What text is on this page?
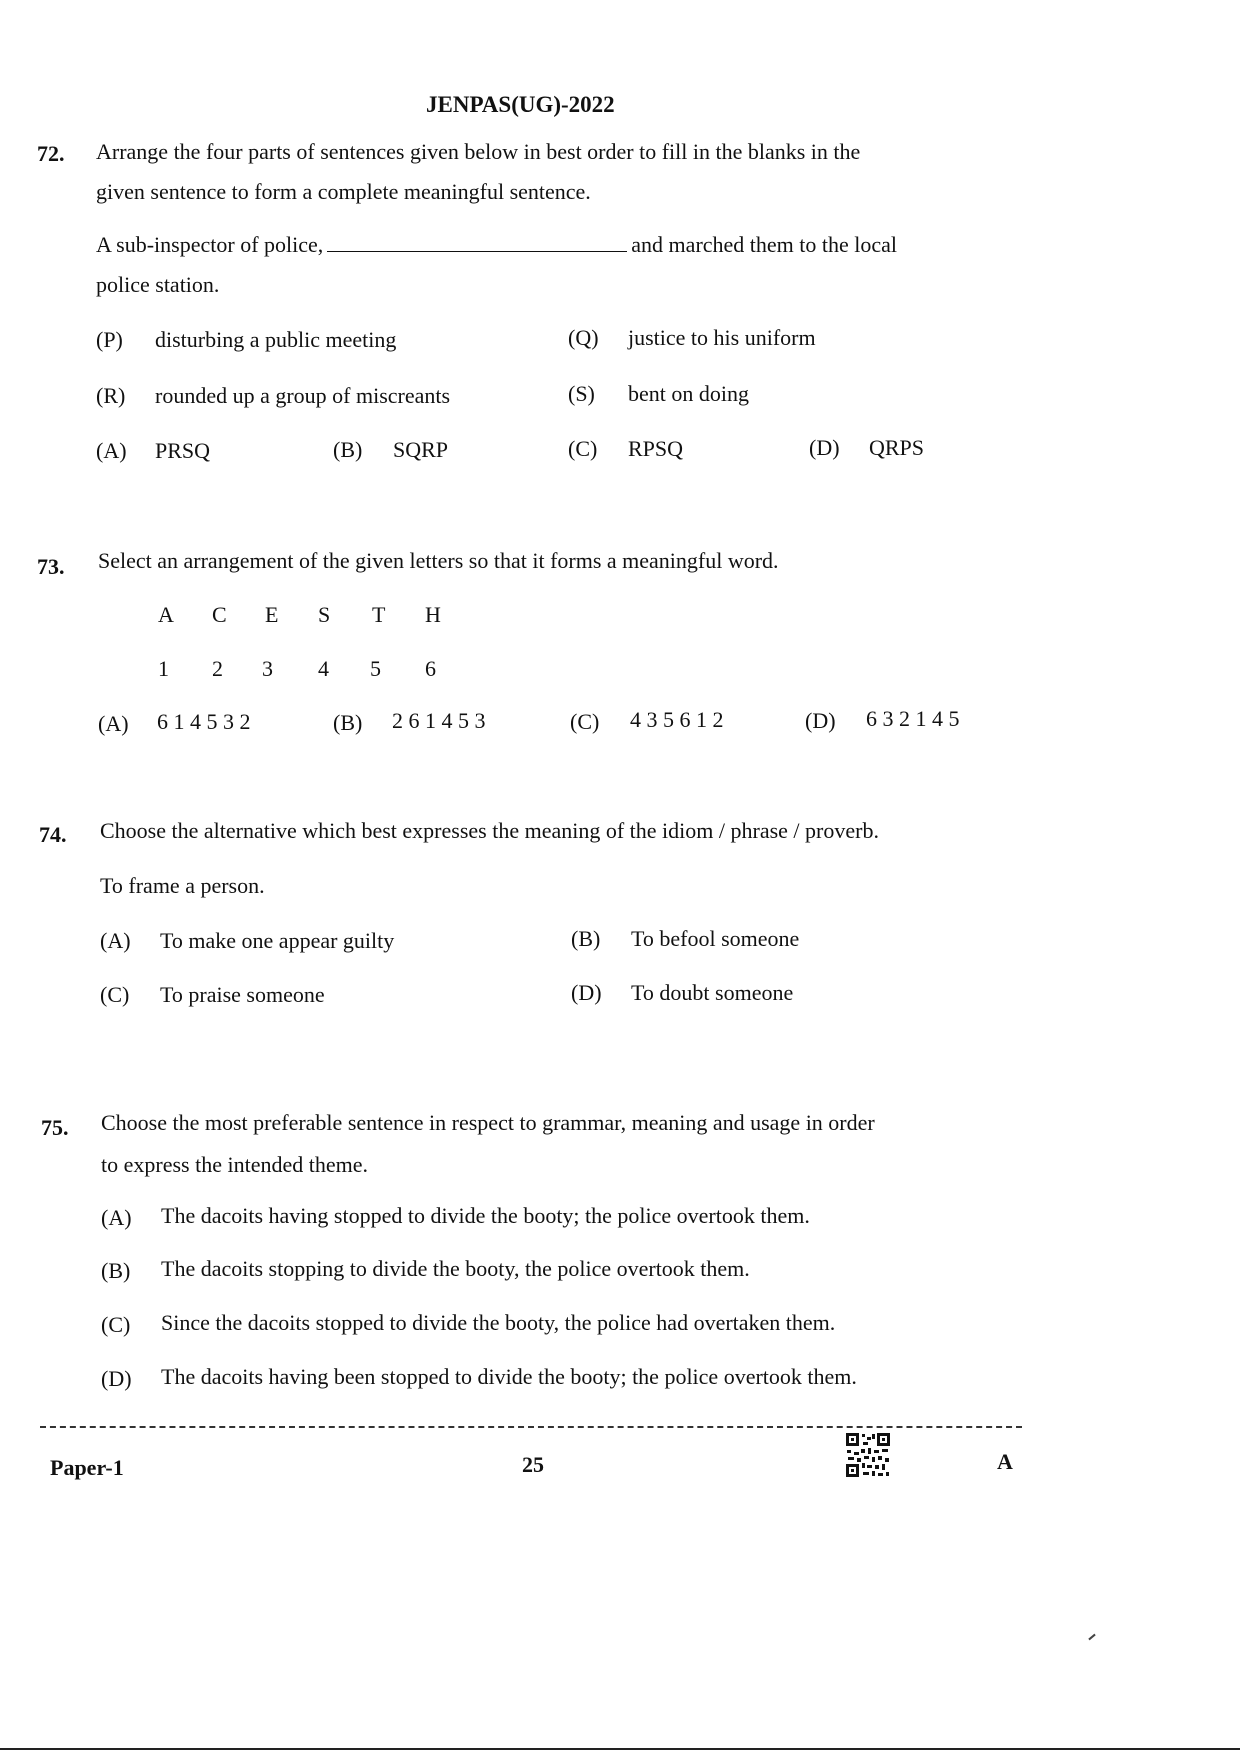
JENPAS(UG)-2022
72. Arrange the four parts of sentences given below in best order to fill in the blanks in the
given sentence to form a complete meaningful sentence.
A sub-inspector of police,	and marched them to the local
police station.
(P) disturbing a public meeting	(Q) justice to his uniform
(R) rounded up a group of miscreants	(S) bent on doing
(A) PRSQ	(B) SQRP	(C) RPSQ	(D) QRPS
73. Select an arrangement of the given letters so that it forms a meaningful word.
A C E S T H
1 2 3 4 5 6
(A) 6 1 4 5 3 2	(B) 2 6 1 4 5 3	(C) 4 3 5 6 1 2	(D) 6 3 2 1 4 5
74. Choose the alternative which best expresses the meaning of the idiom / phrase / proverb.
To frame a person.
(A) To make one appear guilty	(B) To befool someone
(C) To praise someone	(D) To doubt someone
75. Choose the most preferable sentence in respect to grammar, meaning and usage in order
to express the intended theme.
(A) The dacoits having stopped to divide the booty; the police overtook them.
(B) The dacoits stopping to divide the booty, the police overtook them.
(C) Since the dacoits stopped to divide the booty, the police had overtaken them.
(D) The dacoits having been stopped to divide the booty; the police overtook them.
Paper-1	25	A
